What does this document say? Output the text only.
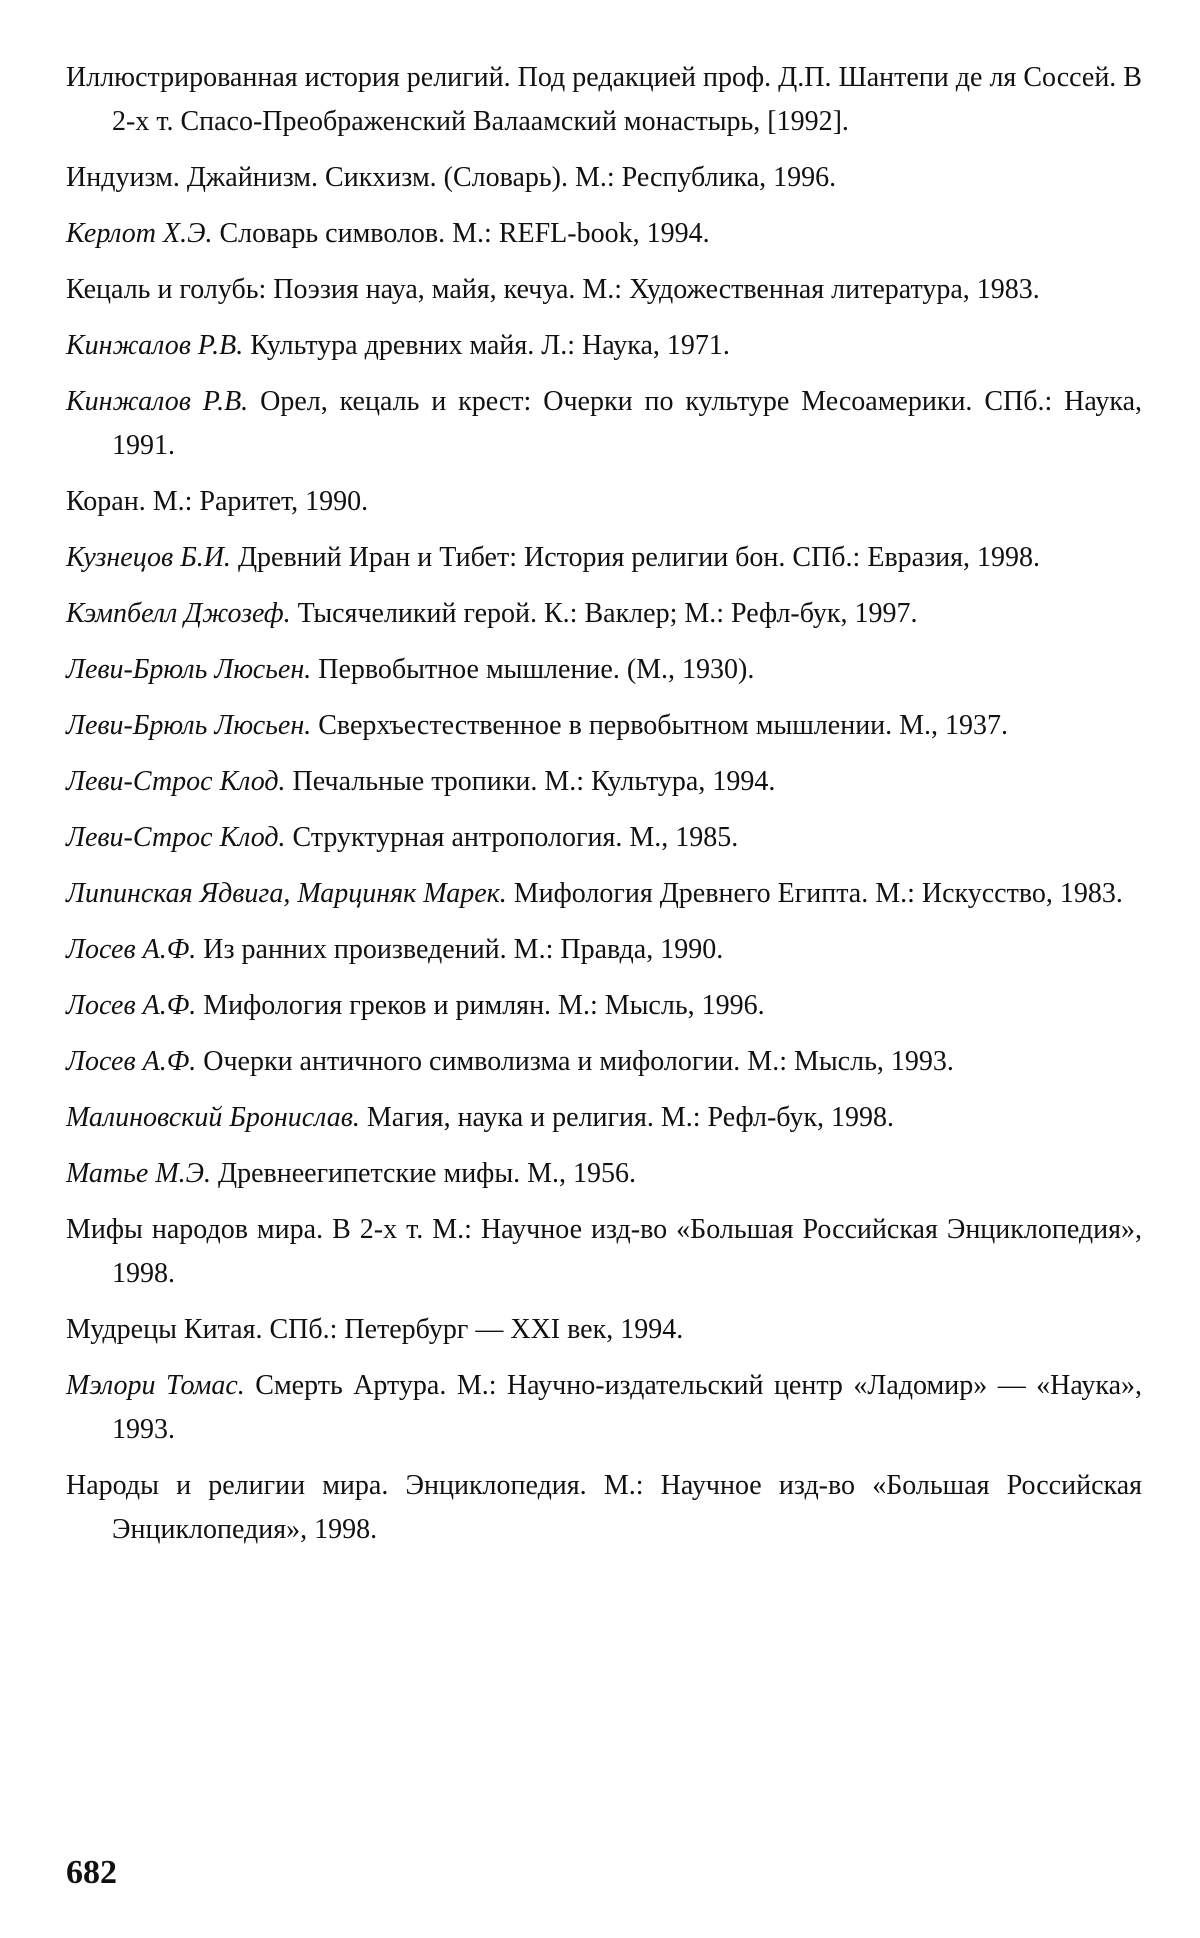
Иллюстрированная история религий. Под редакцией проф. Д.П. Шантепи де ля Соссей. В 2-х т. Спасо-Преображенский Валаамский монастырь, [1992].

Индуизм. Джайнизм. Сикхизм. (Словарь). М.: Республика, 1996.

Керлот Х.Э. Словарь символов. М.: REFL-book, 1994.

Кецаль и голубь: Поэзия науа, майя, кечуа. М.: Художественная литература, 1983.

Кинжалов Р.В. Культура древних майя. Л.: Наука, 1971.

Кинжалов Р.В. Орел, кецаль и крест: Очерки по культуре Месоамерики. СПб.: Наука, 1991.

Коран. М.: Раритет, 1990.

Кузнецов Б.И. Древний Иран и Тибет: История религии бон. СПб.: Евразия, 1998.

Кэмпбелл Джозеф. Тысячеликий герой. К.: Ваклер; М.: Рефл-бук, 1997.

Леви-Брюль Люсьен. Первобытное мышление. (М., 1930).

Леви-Брюль Люсьен. Сверхъестественное в первобытном мышлении. М., 1937.

Леви-Строс Клод. Печальные тропики. М.: Культура, 1994.

Леви-Строс Клод. Структурная антропология. М., 1985.

Липинская Ядвига, Марциняк Марек. Мифология Древнего Египта. М.: Искусство, 1983.

Лосев А.Ф. Из ранних произведений. М.: Правда, 1990.

Лосев А.Ф. Мифология греков и римлян. М.: Мысль, 1996.

Лосев А.Ф. Очерки античного символизма и мифологии. М.: Мысль, 1993.

Малиновский Бронислав. Магия, наука и религия. М.: Рефл-бук, 1998.

Матье М.Э. Древнеегипетские мифы. М., 1956.

Мифы народов мира. В 2-х т. М.: Научное изд-во «Большая Российская Энциклопедия», 1998.

Мудрецы Китая. СПб.: Петербург — XXI век, 1994.

Мэлори Томас. Смерть Артура. М.: Научно-издательский центр «Ладомир» — «Наука», 1993.

Народы и религии мира. Энциклопедия. М.: Научное изд-во «Большая Российская Энциклопедия», 1998.

682
